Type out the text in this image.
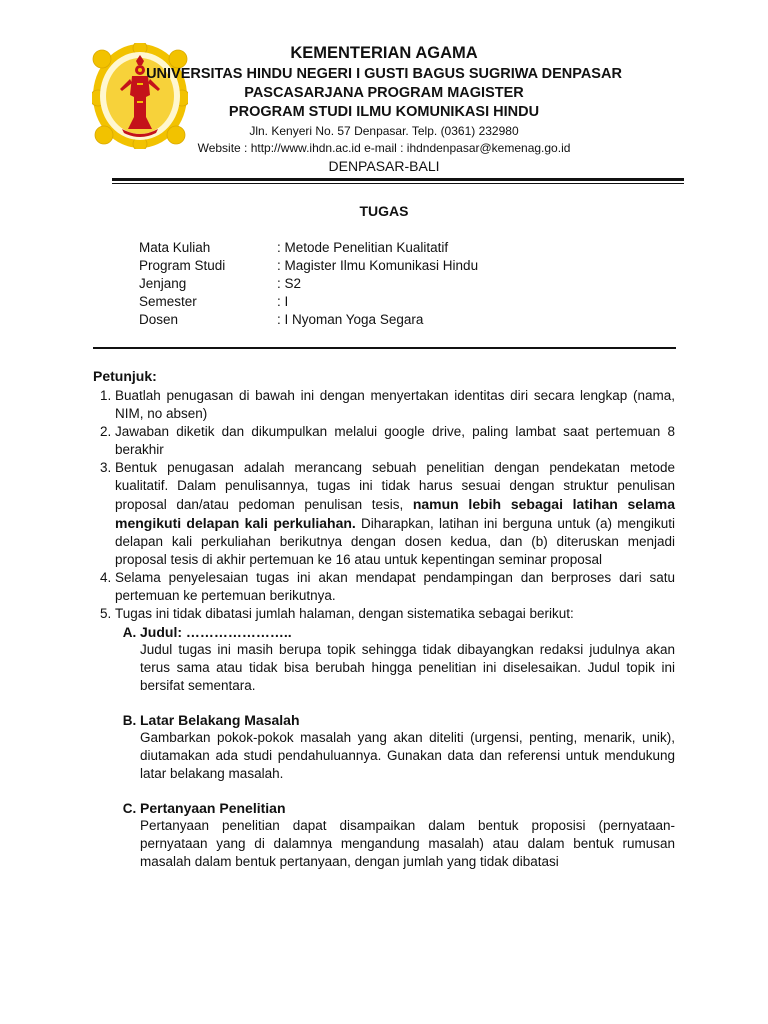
KEMENTERIAN AGAMA
UNIVERSITAS HINDU NEGERI I GUSTI BAGUS SUGRIWA DENPASAR
PASCASARJANA PROGRAM MAGISTER
PROGRAM STUDI ILMU KOMUNIKASI HINDU
Jln. Kenyeri No. 57 Denpasar. Telp. (0361) 232980
Website : http://www.ihdn.ac.id e-mail : ihdndenpasar@kemenag.go.id
DENPASAR-BALI
TUGAS
Mata Kuliah	: Metode Penelitian Kualitatif
Program Studi	: Magister Ilmu Komunikasi Hindu
Jenjang	: S2
Semester	: I
Dosen	: I Nyoman Yoga Segara
Petunjuk:
1. Buatlah penugasan di bawah ini dengan menyertakan identitas diri secara lengkap (nama, NIM, no absen)
2. Jawaban diketik dan dikumpulkan melalui google drive, paling lambat saat pertemuan 8 berakhir
3. Bentuk penugasan adalah merancang sebuah penelitian dengan pendekatan metode kualitatif. Dalam penulisannya, tugas ini tidak harus sesuai dengan struktur penulisan proposal dan/atau pedoman penulisan tesis, namun lebih sebagai latihan selama mengikuti delapan kali perkuliahan. Diharapkan, latihan ini berguna untuk (a) mengikuti delapan kali perkuliahan berikutnya dengan dosen kedua, dan (b) diteruskan menjadi proposal tesis di akhir pertemuan ke 16 atau untuk kepentingan seminar proposal
4. Selama penyelesaian tugas ini akan mendapat pendampingan dan berproses dari satu pertemuan ke pertemuan berikutnya.
5. Tugas ini tidak dibatasi jumlah halaman, dengan sistematika sebagai berikut:
A. Judul: …………………..
Judul tugas ini masih berupa topik sehingga tidak dibayangkan redaksi judulnya akan terus sama atau tidak bisa berubah hingga penelitian ini diselesaikan. Judul topik ini bersifat sementara.
B. Latar Belakang Masalah
Gambarkan pokok-pokok masalah yang akan diteliti (urgensi, penting, menarik, unik), diutamakan ada studi pendahuluannya. Gunakan data dan referensi untuk mendukung latar belakang masalah.
C. Pertanyaan Penelitian
Pertanyaan penelitian dapat disampaikan dalam bentuk proposisi (pernyataan-pernyataan yang di dalamnya mengandung masalah) atau dalam bentuk rumusan masalah dalam bentuk pertanyaan, dengan jumlah yang tidak dibatasi
